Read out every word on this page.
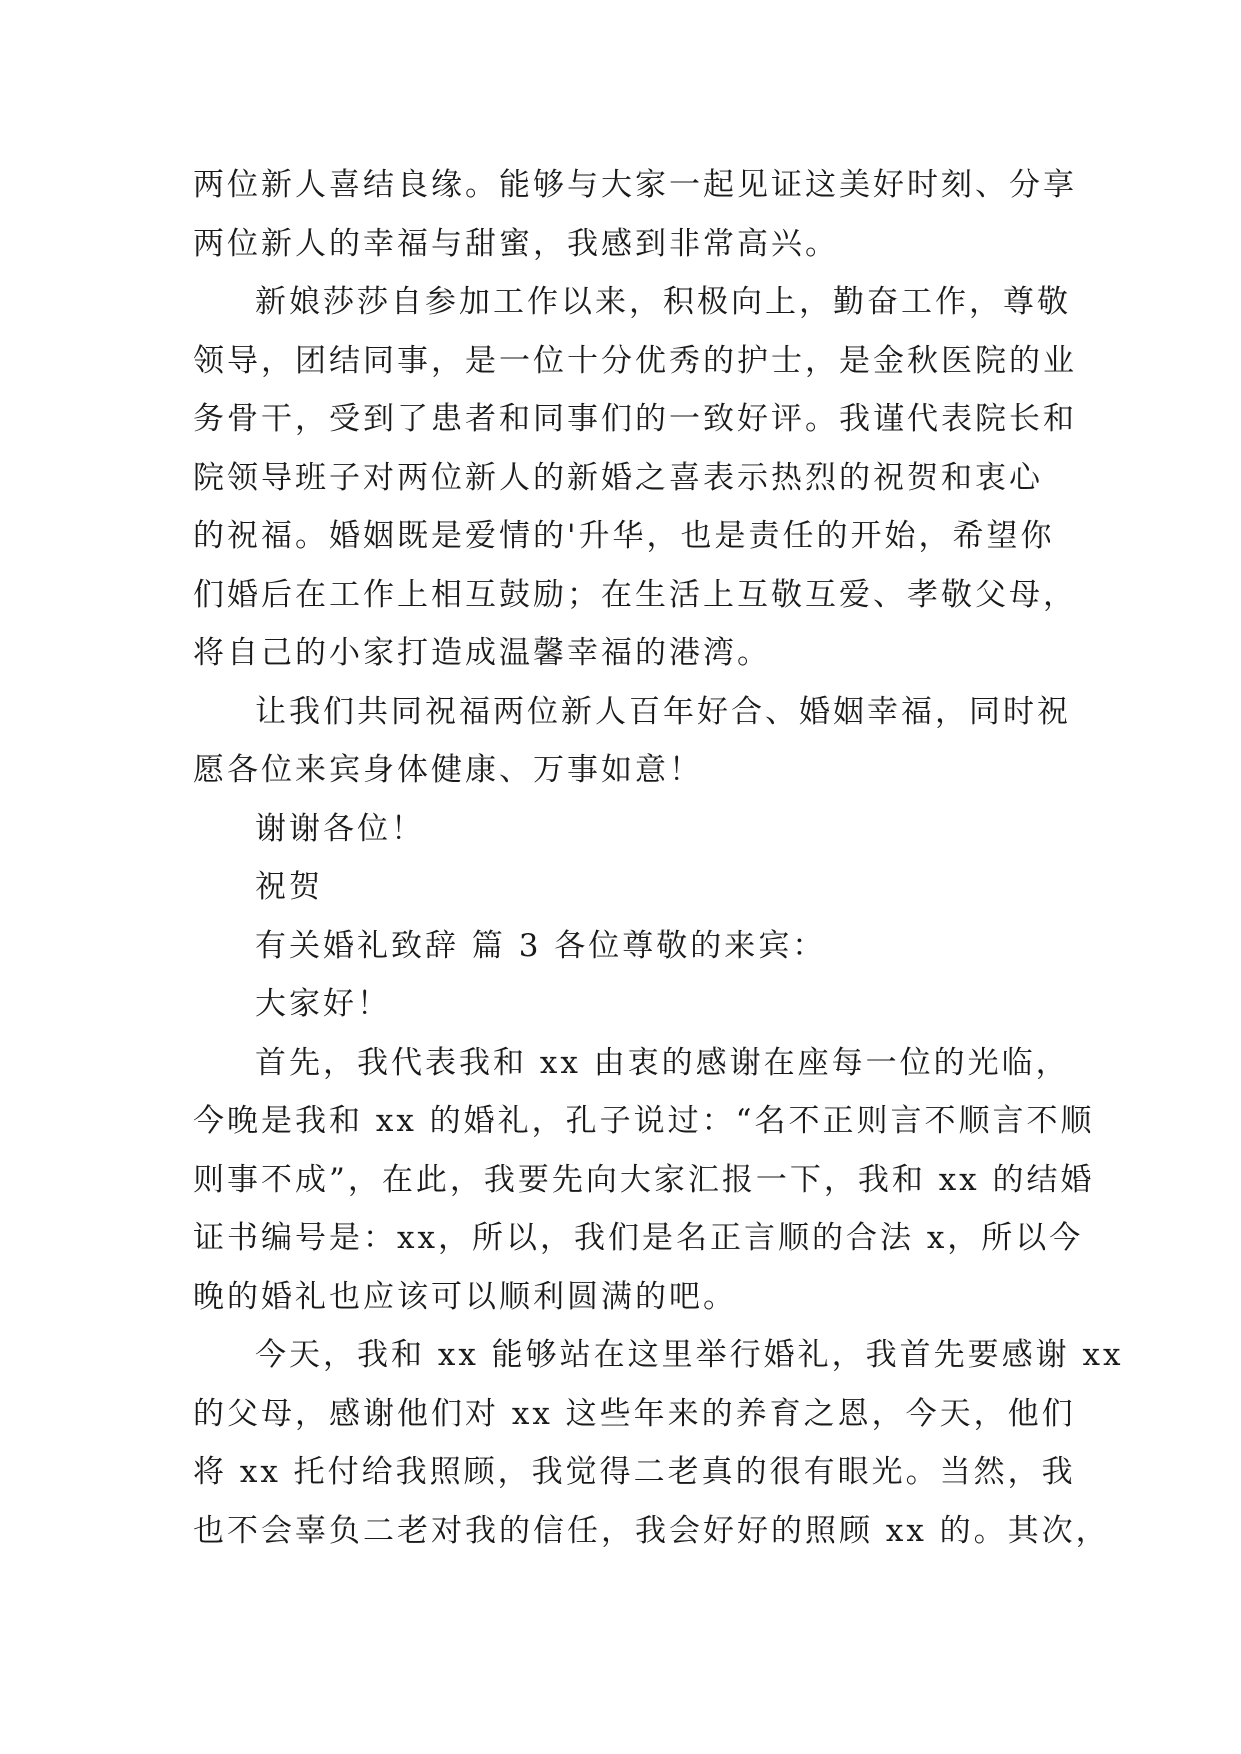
两位新人喜结良缘。能够与大家一起见证这美好时刻、分享
两位新人的幸福与甜蜜，我感到非常高兴。
新娘莎莎自参加工作以来，积极向上，勤奋工作，尊敬
领导，团结同事，是一位十分优秀的护士，是金秋医院的业
务骨干，受到了患者和同事们的一致好评。我谨代表院长和
院领导班子对两位新人的新婚之喜表示热烈的祝贺和衷心
的祝福。婚姻既是爱情的'升华，也是责任的开始，希望你
们婚后在工作上相互鼓励；在生活上互敬互爱、孝敬父母，
将自己的小家打造成温馨幸福的港湾。
让我们共同祝福两位新人百年好合、婚姻幸福，同时祝
愿各位来宾身体健康、万事如意！
谢谢各位！
祝贺
有关婚礼致辞 篇 3 各位尊敬的来宾：
大家好！
首先，我代表我和 xx 由衷的感谢在座每一位的光临，
今晚是我和 xx 的婚礼，孔子说过：“名不正则言不顺言不顺
则事不成”，在此，我要先向大家汇报一下，我和 xx 的结婚
证书编号是：xx，所以，我们是名正言顺的合法 x，所以今
晚的婚礼也应该可以顺利圆满的吧。
今天，我和 xx 能够站在这里举行婚礼，我首先要感谢 xx
的父母，感谢他们对 xx 这些年来的养育之恩，今天，他们
将 xx 托付给我照顾，我觉得二老真的很有眼光。当然，我
也不会辜负二老对我的信任，我会好好的照顾 xx 的。其次，
